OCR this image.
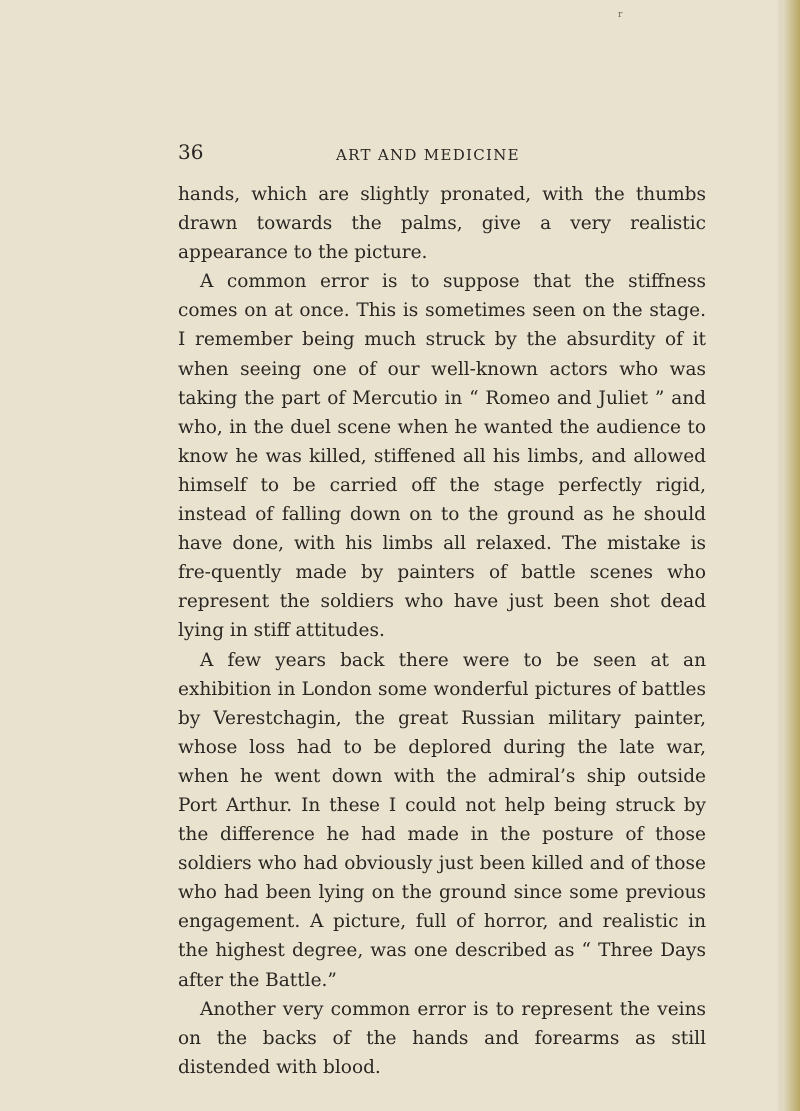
r
36	ART AND MEDICINE

hands, which are slightly pronated, with the thumbs drawn towards the palms, give a very realistic appearance to the picture.

A common error is to suppose that the stiffness comes on at once. This is sometimes seen on the stage. I remember being much struck by the absurdity of it when seeing one of our well-known actors who was taking the part of Mercutio in “ Romeo and Juliet ” and who, in the duel scene when he wanted the audience to know he was killed, stiffened all his limbs, and allowed himself to be carried off the stage perfectly rigid, instead of falling down on to the ground as he should have done, with his limbs all relaxed. The mistake is fre-quently made by painters of battle scenes who represent the soldiers who have just been shot dead lying in stiff attitudes.

A few years back there were to be seen at an exhibition in London some wonderful pictures of battles by Verestchagin, the great Russian military painter, whose loss had to be deplored during the late war, when he went down with the admiral’s ship outside Port Arthur. In these I could not help being struck by the difference he had made in the posture of those soldiers who had obviously just been killed and of those who had been lying on the ground since some previous engagement. A picture, full of horror, and realistic in the highest degree, was one described as “ Three Days after the Battle.”

Another very common error is to represent the veins on the backs of the hands and forearms as still distended with blood.
